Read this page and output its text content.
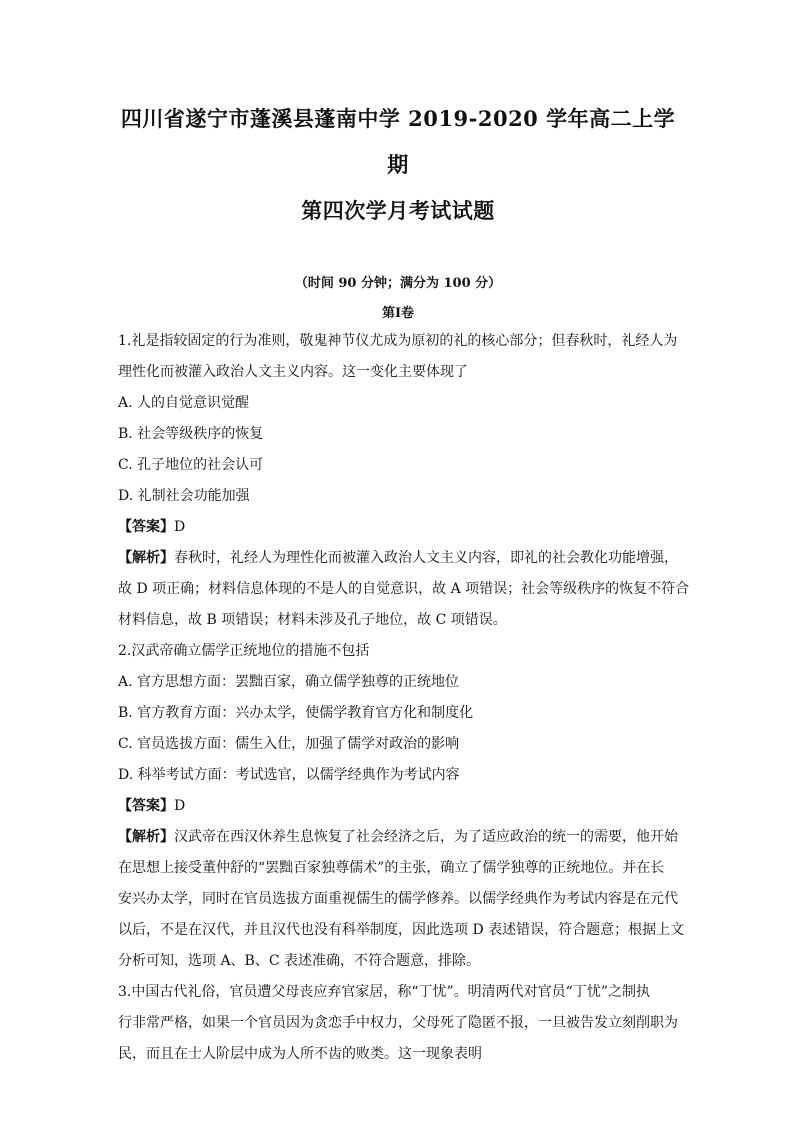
四川省遂宁市蓬溪县蓬南中学 2019-2020 学年高二上学期
第四次学月考试试题
（时间 90 分钟；满分为 100 分）
第Ⅰ卷

1.礼是指较固定的行为准则，敬鬼神节仪尤成为原初的礼的核心部分；但春秋时，礼经人为

理性化而被灌入政治人文主义内容。这一变化主要体现了

A. 人的自觉意识觉醒

B. 社会等级秩序的恢复

C. 孔子地位的社会认可

D. 礼制社会功能加强

【答案】D

【解析】春秋时，礼经人为理性化而被灌入政治人文主义内容，即礼的社会教化功能增强，

故 D 项正确；材料信息体现的不是人的自觉意识，故 A 项错误；社会等级秩序的恢复不符合

材料信息，故 B 项错误；材料未涉及孔子地位，故 C 项错误。

2.汉武帝确立儒学正统地位的措施不包括

A. 官方思想方面：罢黜百家，确立儒学独尊的正统地位

B. 官方教育方面：兴办太学，使儒学教育官方化和制度化

C. 官员选拔方面：儒生入仕，加强了儒学对政治的影响

D. 科举考试方面：考试选官，以儒学经典作为考试内容

【答案】D

【解析】汉武帝在西汉休养生息恢复了社会经济之后，为了适应政治的统一的需要，他开始

在思想上接受董仲舒的“罢黜百家独尊儒术”的主张，确立了儒学独尊的正统地位。并在长

安兴办太学，同时在官员选拔方面重视儒生的儒学修养。以儒学经典作为考试内容是在元代

以后，不是在汉代，并且汉代也没有科举制度，因此选项 D 表述错误，符合题意；根据上文

分析可知，选项 A、B、C 表述准确，不符合题意，排除。

3.中国古代礼俗，官员遭父母丧应弃官家居，称“丁忧”。明清两代对官员“丁忧”之制执

行非常严格，如果一个官员因为贪恋手中权力，父母死了隐匿不报，一旦被告发立刻削职为

民，而且在士人阶层中成为人所不齿的败类。这一现象表明
